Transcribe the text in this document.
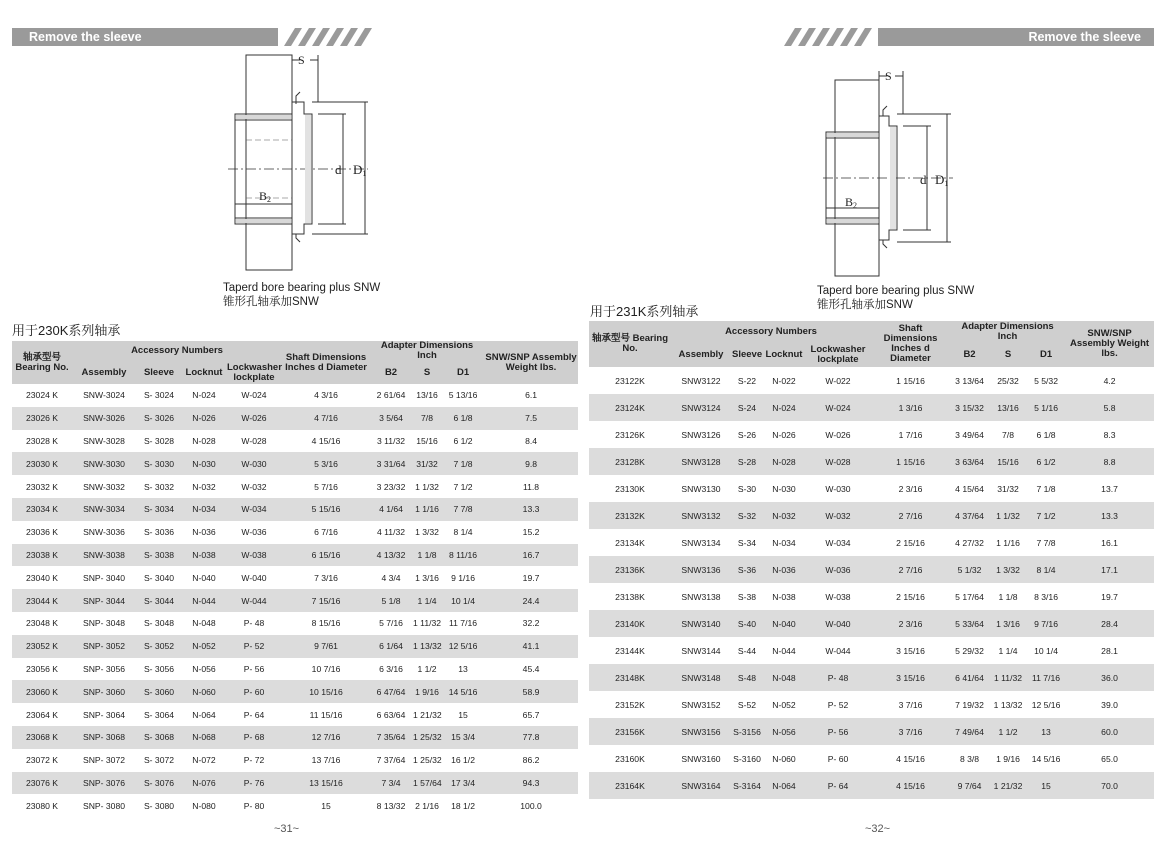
Remove the sleeve
S
d D1
B2
Taperd bore bearing plus SNW
锥形孔轴承加SNW
用于230K系列轴承
轴承型号 Bearing No.	Accessory Numbers				Shaft Dimensions Inches d Diameter	Adapter Dimensions Inch			SNW/SNP Assembly Weight lbs.
	Assembly	Sleeve	Locknut	Lockwasher lockplate		B2	S	D1	
23024 K	SNW-3024	S- 3024	N-024	W-024	4 3/16	2 61/64	13/16	5 13/16	6.1
23026 K	SNW-3026	S- 3026	N-026	W-026	4 7/16	3 5/64	7/8	6 1/8	7.5
23028 K	SNW-3028	S- 3028	N-028	W-028	4 15/16	3 11/32	15/16	6 1/2	8.4
23030 K	SNW-3030	S- 3030	N-030	W-030	5 3/16	3 31/64	31/32	7 1/8	9.8
23032 K	SNW-3032	S- 3032	N-032	W-032	5 7/16	3 23/32	1 1/32	7 1/2	11.8
23034 K	SNW-3034	S- 3034	N-034	W-034	5 15/16	4 1/64	1 1/16	7 7/8	13.3
23036 K	SNW-3036	S- 3036	N-036	W-036	6 7/16	4 11/32	1 3/32	8 1/4	15.2
23038 K	SNW-3038	S- 3038	N-038	W-038	6 15/16	4 13/32	1 1/8	8 11/16	16.7
23040 K	SNP- 3040	S- 3040	N-040	W-040	7 3/16	4 3/4	1 3/16	9 1/16	19.7
23044 K	SNP- 3044	S- 3044	N-044	W-044	7 15/16	5 1/8	1 1/4	10 1/4	24.4
23048 K	SNP- 3048	S- 3048	N-048	P- 48	8 15/16	5 7/16	1 11/32	11 7/16	32.2
23052 K	SNP- 3052	S- 3052	N-052	P- 52	9 7/61	6 1/64	1 13/32	12 5/16	41.1
23056 K	SNP- 3056	S- 3056	N-056	P- 56	10 7/16	6 3/16	1 1/2	13	45.4
23060 K	SNP- 3060	S- 3060	N-060	P- 60	10 15/16	6 47/64	1 9/16	14 5/16	58.9
23064 K	SNP- 3064	S- 3064	N-064	P- 64	11 15/16	6 63/64	1 21/32	15	65.7
23068 K	SNP- 3068	S- 3068	N-068	P- 68	12 7/16	7 35/64	1 25/32	15 3/4	77.8
23072 K	SNP- 3072	S- 3072	N-072	P- 72	13 7/16	7 37/64	1 25/32	16 1/2	86.2
23076 K	SNP- 3076	S- 3076	N-076	P- 76	13 15/16	7 3/4	1 57/64	17 3/4	94.3
23080 K	SNP- 3080	S- 3080	N-080	P- 80	15	8 13/32	2 1/16	18 1/2	100.0
~31~
Remove the sleeve
S
d D1
B2
Taperd bore bearing plus SNW
锥形孔轴承加SNW
用于231K系列轴承
轴承型号 Bearing No.	Accessory Numbers				Shaft Dimensions Inches d Diameter	Adapter Dimensions Inch			SNW/SNP Assembly Weight lbs.
	Assembly	Sleeve	Locknut	Lockwasher lockplate		B2	S	D1	
23122K	SNW3122	S-22	N-022	W-022	1 15/16	3 13/64	25/32	5 5/32	4.2
23124K	SNW3124	S-24	N-024	W-024	1 3/16	3 15/32	13/16	5 1/16	5.8
23126K	SNW3126	S-26	N-026	W-026	1 7/16	3 49/64	7/8	6 1/8	8.3
23128K	SNW3128	S-28	N-028	W-028	1 15/16	3 63/64	15/16	6 1/2	8.8
23130K	SNW3130	S-30	N-030	W-030	2 3/16	4 15/64	31/32	7 1/8	13.7
23132K	SNW3132	S-32	N-032	W-032	2 7/16	4 37/64	1 1/32	7 1/2	13.3
23134K	SNW3134	S-34	N-034	W-034	2 15/16	4 27/32	1 1/16	7 7/8	16.1
23136K	SNW3136	S-36	N-036	W-036	2 7/16	5 1/32	1 3/32	8 1/4	17.1
23138K	SNW3138	S-38	N-038	W-038	2 15/16	5 17/64	1 1/8	8 3/16	19.7
23140K	SNW3140	S-40	N-040	W-040	2 3/16	5 33/64	1 3/16	9 7/16	28.4
23144K	SNW3144	S-44	N-044	W-044	3 15/16	5 29/32	1 1/4	10 1/4	28.1
23148K	SNW3148	S-48	N-048	P- 48	3 15/16	6 41/64	1 11/32	11 7/16	36.0
23152K	SNW3152	S-52	N-052	P- 52	3 7/16	7 19/32	1 13/32	12 5/16	39.0
23156K	SNW3156	S-3156	N-056	P- 56	3 7/16	7 49/64	1 1/2	13	60.0
23160K	SNW3160	S-3160	N-060	P- 60	4 15/16	8 3/8	1 9/16	14 5/16	65.0
23164K	SNW3164	S-3164	N-064	P- 64	4 15/16	9 7/64	1 21/32	15	70.0
~32~
